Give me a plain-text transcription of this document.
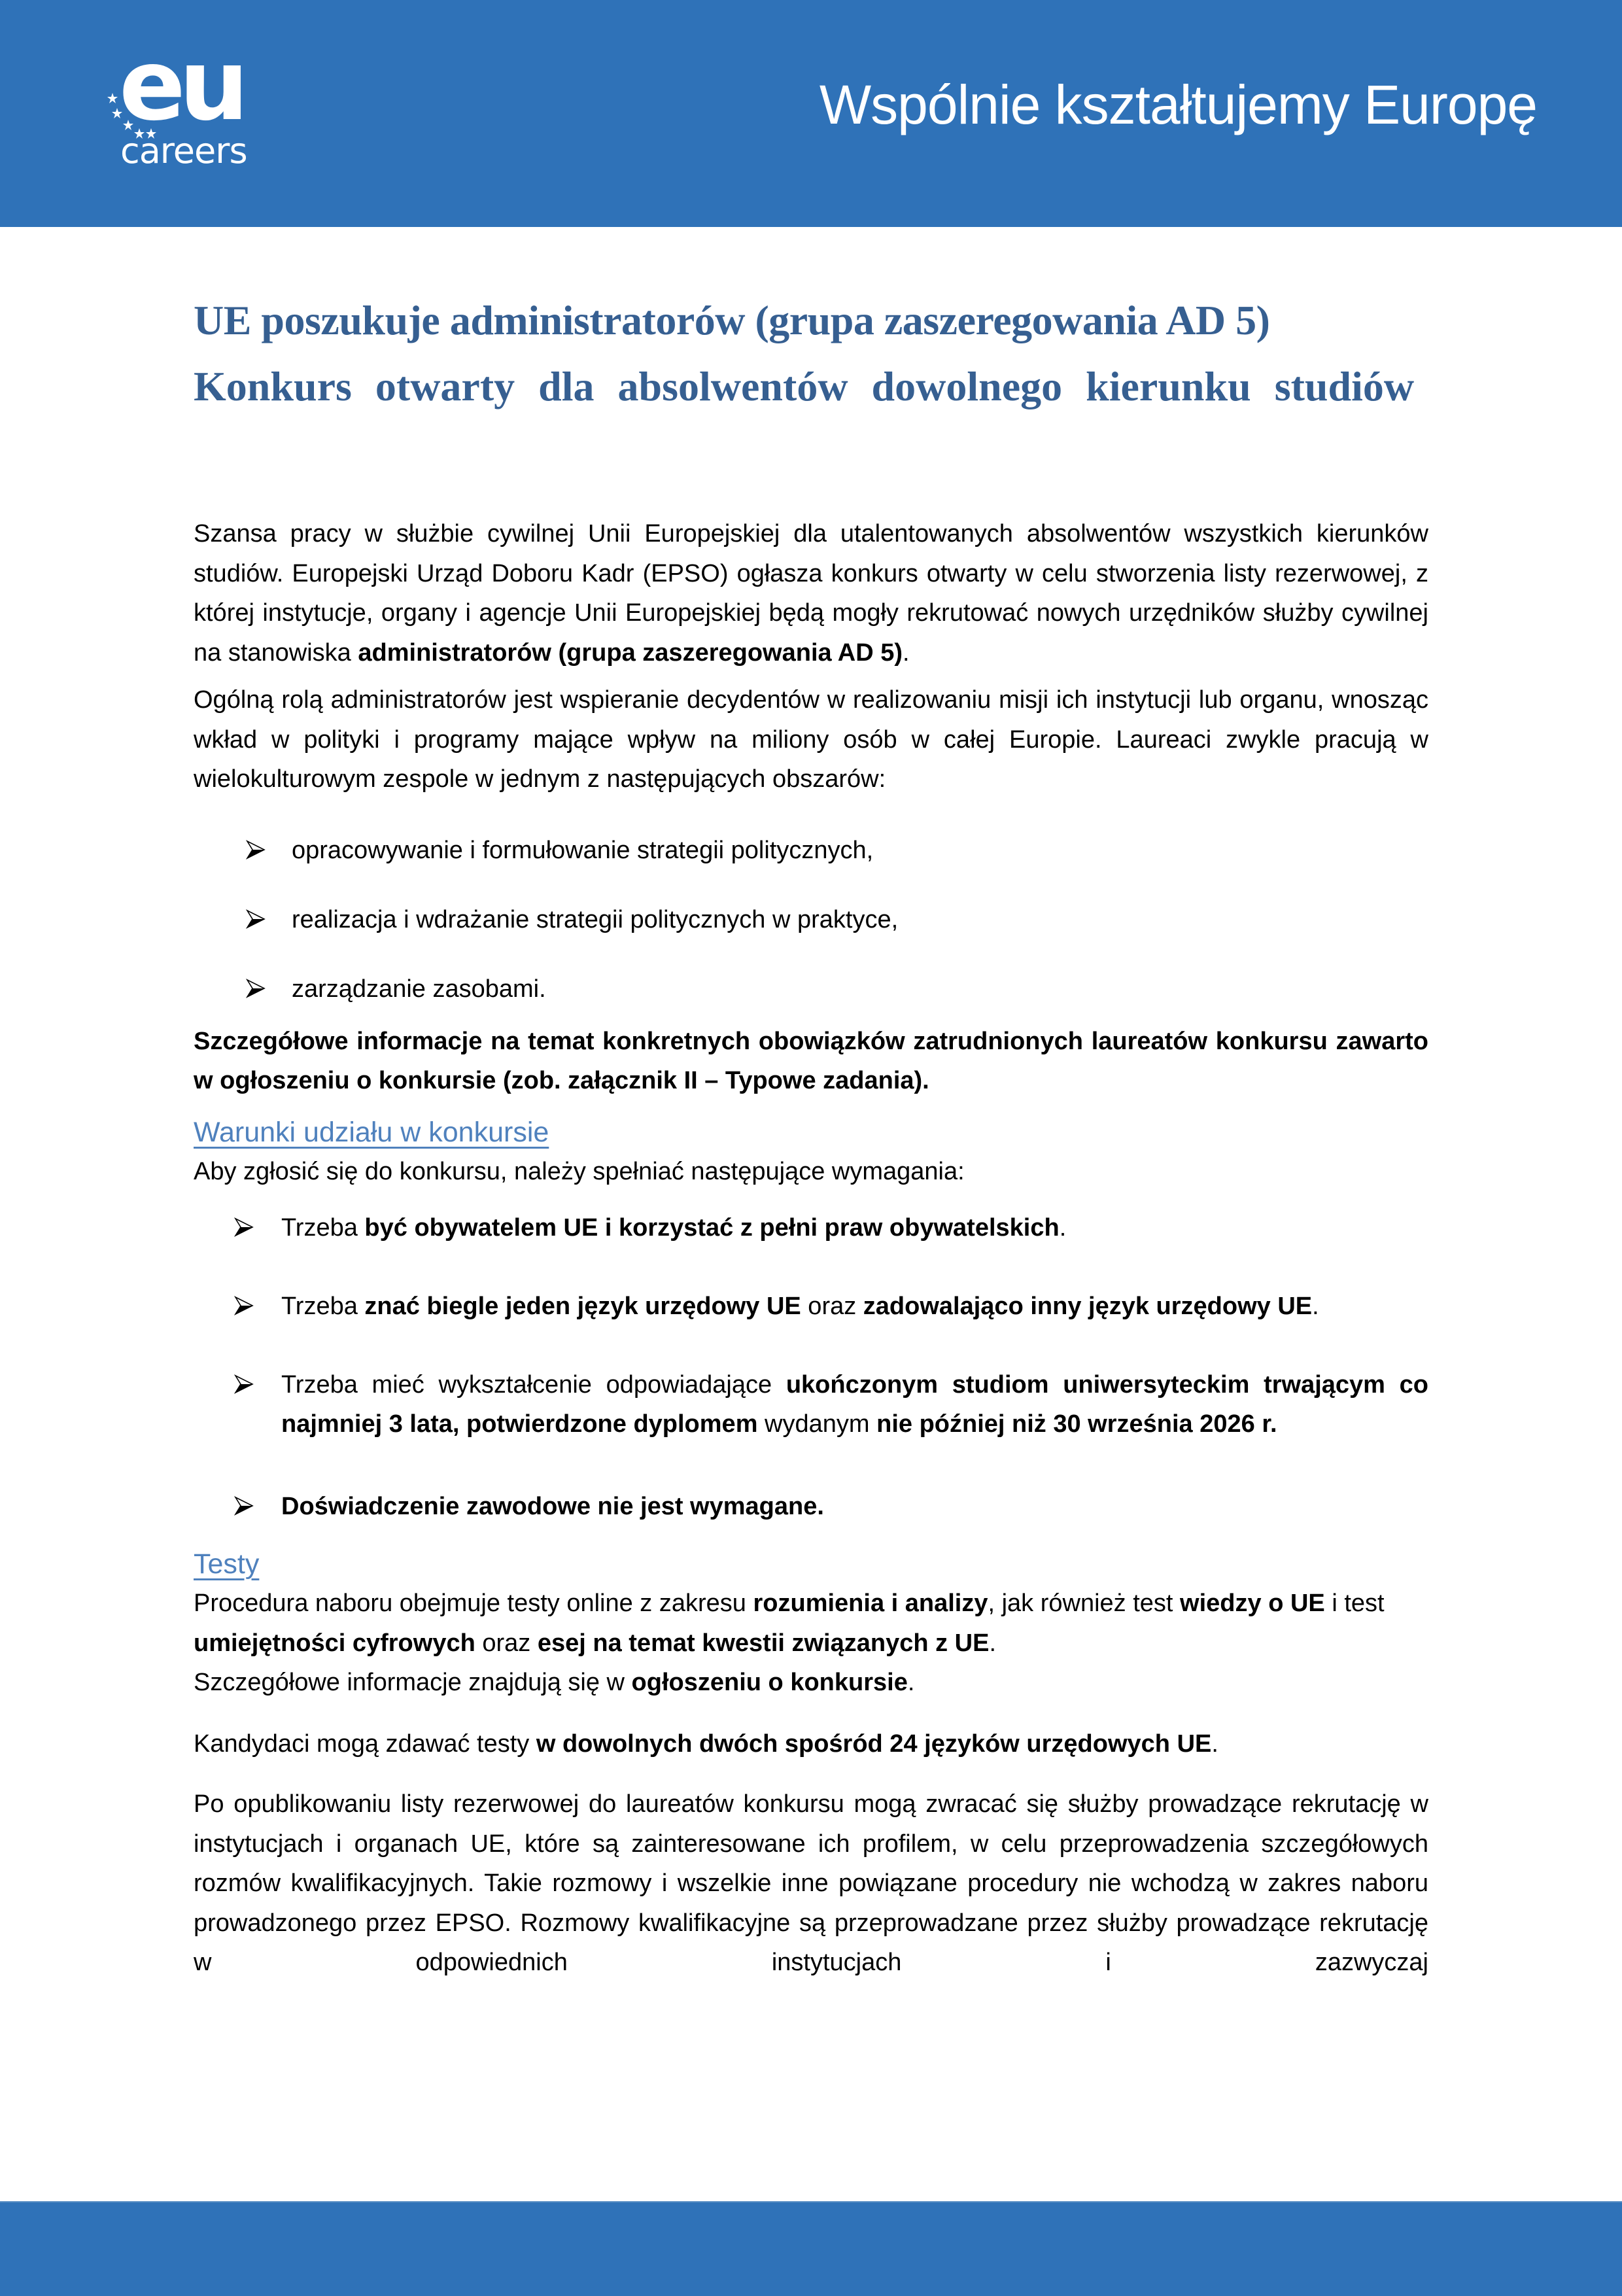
eu
careers
Wspólnie kształtujemy Europę
UE poszukuje administratorów (grupa zaszeregowania AD 5)
Konkurs otwarty dla absolwentów dowolnego kierunku studiów

Szansa pracy w służbie cywilnej Unii Europejskiej dla utalentowanych absolwentów wszystkich kierunków studiów. Europejski Urząd Doboru Kadr (EPSO) ogłasza konkurs otwarty w celu stworzenia listy rezerwowej, z której instytucje, organy i agencje Unii Europejskiej będą mogły rekrutować nowych urzędników służby cywilnej na stanowiska administratorów (grupa zaszeregowania AD 5).

Ogólną rolą administratorów jest wspieranie decydentów w realizowaniu misji ich instytucji lub organu, wnosząc wkład w polityki i programy mające wpływ na miliony osób w całej Europie. Laureaci zwykle pracują w wielokulturowym zespole w jednym z następujących obszarów:

opracowywanie i formułowanie strategii politycznych,
realizacja i wdrażanie strategii politycznych w praktyce,
zarządzanie zasobami.

Szczegółowe informacje na temat konkretnych obowiązków zatrudnionych laureatów konkursu zawarto w ogłoszeniu o konkursie (zob. załącznik II – Typowe zadania).

Warunki udziału w konkursie

Aby zgłosić się do konkursu, należy spełniać następujące wymagania:

Trzeba być obywatelem UE i korzystać z pełni praw obywatelskich.
Trzeba znać biegle jeden język urzędowy UE oraz zadowalająco inny język urzędowy UE.
Trzeba mieć wykształcenie odpowiadające ukończonym studiom uniwersyteckim trwającym co najmniej 3 lata, potwierdzone dyplomem wydanym nie później niż 30 września 2026 r.
Doświadczenie zawodowe nie jest wymagane.
Testy

Procedura naboru obejmuje testy online z zakresu rozumienia i analizy, jak również test wiedzy o UE i test umiejętności cyfrowych oraz esej na temat kwestii związanych z UE.

Szczegółowe informacje znajdują się w ogłoszeniu o konkursie.

Kandydaci mogą zdawać testy w dowolnych dwóch spośród 24 języków urzędowych UE.

Po opublikowaniu listy rezerwowej do laureatów konkursu mogą zwracać się służby prowadzące rekrutację w instytucjach i organach UE, które są zainteresowane ich profilem, w celu przeprowadzenia szczegółowych rozmów kwalifikacyjnych. Takie rozmowy i wszelkie inne powiązane procedury nie wchodzą w zakres naboru prowadzonego przez EPSO. Rozmowy kwalifikacyjne są przeprowadzane przez służby prowadzące rekrutację w odpowiednich instytucjach i zazwyczaj
